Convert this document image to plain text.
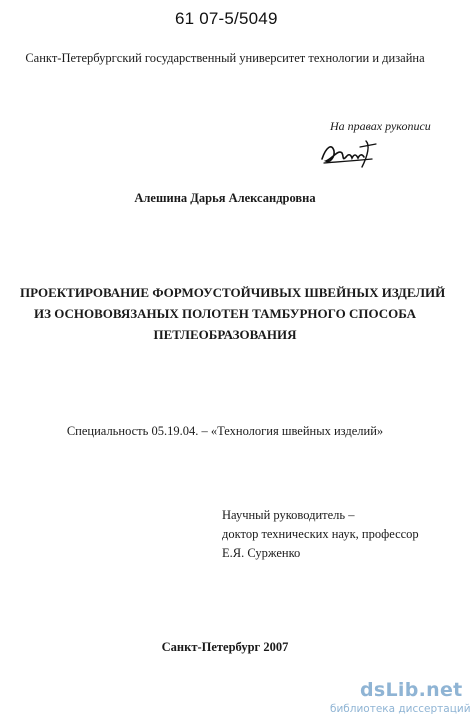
61 07-5/5049
Санкт-Петербургский государственный университет технологии и дизайна
На правах рукописи
Алешина Дарья Александровна
ПРОЕКТИРОВАНИЕ ФОРМОУСТОЙЧИВЫХ ШВЕЙНЫХ ИЗДЕЛИЙ
ИЗ ОСНОВОВЯЗАНЫХ ПОЛОТЕН ТАМБУРНОГО СПОСОБА
ПЕТЛЕОБРАЗОВАНИЯ
Специальность 05.19.04. – «Технология швейных изделий»
Научный руководитель –
доктор технических наук, профессор
Е.Я. Сурженко
Санкт-Петербург 2007
dsLib.net
библиотека диссертаций
